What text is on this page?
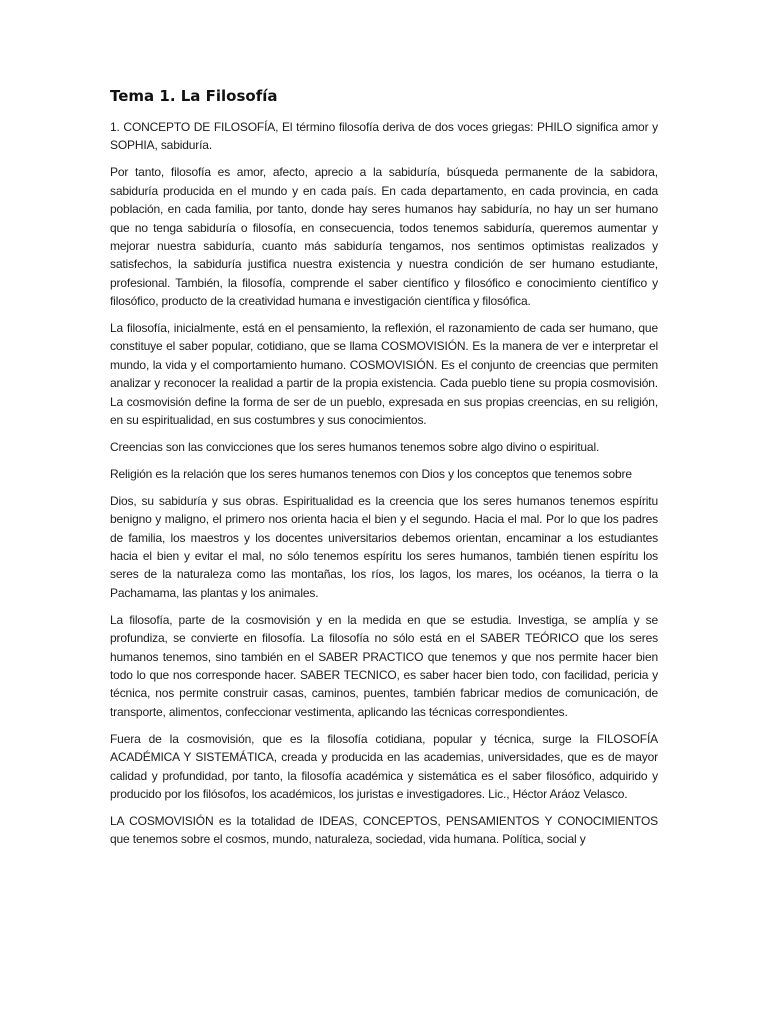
Tema 1. La Filosofía

1. CONCEPTO DE FILOSOFÍA, El término filosofía deriva de dos voces griegas: PHILO significa amor y SOPHIA, sabiduría.

Por tanto, filosofía es amor, afecto, aprecio a la sabiduría, búsqueda permanente de la sabidora, sabiduría producida en el mundo y en cada país. En cada departamento, en cada provincia, en cada población, en cada familia, por tanto, donde hay seres humanos hay sabiduría, no hay un ser humano que no tenga sabiduría o filosofía, en consecuencia, todos tenemos sabiduría, queremos aumentar y mejorar nuestra sabiduría, cuanto más sabiduría tengamos, nos sentimos optimistas realizados y satisfechos, la sabiduría justifica nuestra existencia y nuestra condición de ser humano estudiante, profesional. También, la filosofía, comprende el saber científico y filosófico e conocimiento científico y filosófico, producto de la creatividad humana e investigación científica y filosófica.

La filosofía, inicialmente, está en el pensamiento, la reflexión, el razonamiento de cada ser humano, que constituye el saber popular, cotidiano, que se llama COSMOVISIÓN. Es la manera de ver e interpretar el mundo, la vida y el comportamiento humano. COSMOVISIÓN. Es el conjunto de creencias que permiten analizar y reconocer la realidad a partir de la propia existencia. Cada pueblo tiene su propia cosmovisión. La cosmovisión define la forma de ser de un pueblo, expresada en sus propias creencias, en su religión, en su espiritualidad, en sus costumbres y sus conocimientos.

Creencias son las convicciones que los seres humanos tenemos sobre algo divino o espiritual.

Religión es la relación que los seres humanos tenemos con Dios y los conceptos que tenemos sobre

Dios, su sabiduría y sus obras. Espiritualidad es la creencia que los seres humanos tenemos espíritu benigno y maligno, el primero nos orienta hacia el bien y el segundo. Hacia el mal. Por lo que los padres de familia, los maestros y los docentes universitarios debemos orientan, encaminar a los estudiantes hacia el bien y evitar el mal, no sólo tenemos espíritu los seres humanos, también tienen espíritu los seres de la naturaleza como las montañas, los ríos, los lagos, los mares, los océanos, la tierra o la Pachamama, las plantas y los animales.

La filosofía, parte de la cosmovisión y en la medida en que se estudia. Investiga, se amplía y se profundiza, se convierte en filosofía. La filosofía no sólo está en el SABER TEÓRICO que los seres humanos tenemos, sino también en el SABER PRACTICO que tenemos y que nos permite hacer bien todo lo que nos corresponde hacer. SABER TECNICO, es saber hacer bien todo, con facilidad, pericia y técnica, nos permite construir casas, caminos, puentes, también fabricar medios de comunicación, de transporte, alimentos, confeccionar vestimenta, aplicando las técnicas correspondientes.

Fuera de la cosmovisión, que es la filosofía cotidiana, popular y técnica, surge la FILOSOFÍA ACADÉMICA Y SISTEMÁTICA, creada y producida en las academias, universidades, que es de mayor calidad y profundidad, por tanto, la filosofía académica y sistemática es el saber filosófico, adquirido y producido por los filósofos, los académicos, los juristas e investigadores. Lic., Héctor Aráoz Velasco.

LA COSMOVISIÓN es la totalidad de IDEAS, CONCEPTOS, PENSAMIENTOS Y CONOCIMIENTOS que tenemos sobre el cosmos, mundo, naturaleza, sociedad, vida humana. Política, social y
